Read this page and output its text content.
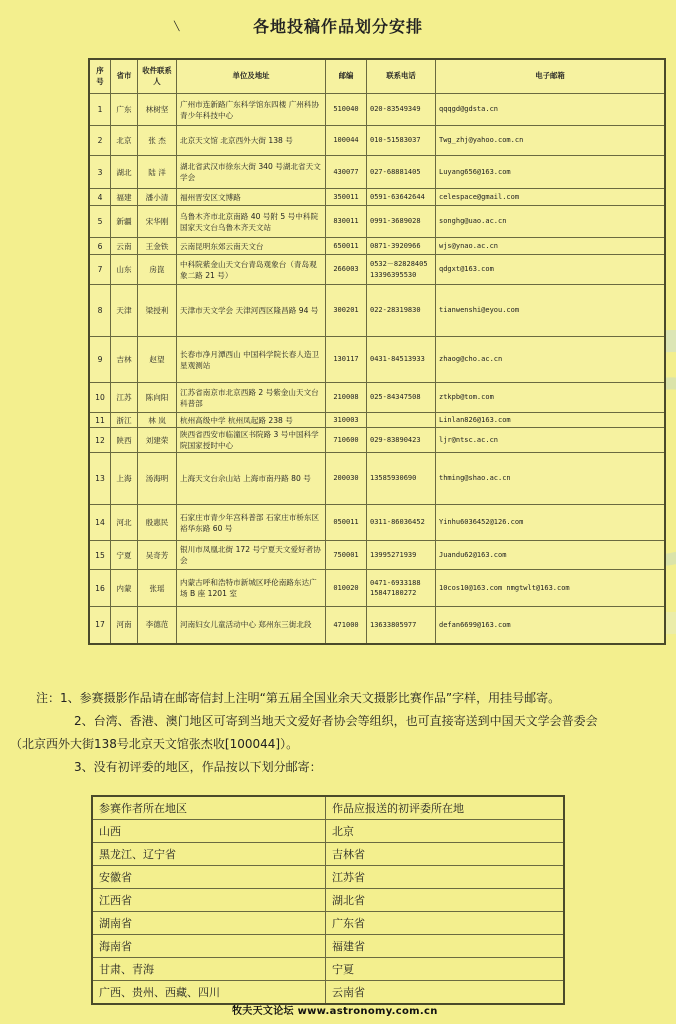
╲	各地投稿作品划分安排
序号	省市	收件联系人	单位及地址	邮编	联系电话	电子邮箱
1	广东	林树坚	广州市连新路广东科学馆东四楼 广州科协青少年科技中心	510040	020-83549349	qqqgd@gdsta.cn
2	北京	张 杰	北京天文馆 北京西外大街 138 号	100044	010-51583037	Twg_zhj@yahoo.com.cn
3	湖北	陆 洋	湖北省武汉市徐东大街 340 号湖北省天文学会	430077	027-68881405	Luyang656@163.com
4	福建	潘小清	福州晋安区文博路	350011	0591-63642644	celespace@gmail.com
5	新疆	宋华刚	乌鲁木齐市北京南路 40 号附 5 号中科院国家天文台乌鲁木齐天文站	830011	0991-3689028	songhg@uao.ac.cn
6	云南	王金铁	云南昆明东郊云南天文台	650011	0871-3920966	wjs@ynao.ac.cn
7	山东	房崑	中科院紫金山天文台青岛观象台（青岛观象二路 21 号）	266003	0532－82828405 13396395530	qdgxt@163.com
8	天津	梁授利	天津市天文学会 天津河西区隆昌路 94 号	300201	022-28319830	tianwenshi@eyou.com
9	吉林	赵望	长春市净月潭西山 中国科学院长春人造卫星观测站	130117	0431-84513933	zhaog@cho.ac.cn
10	江苏	陈向阳	江苏省南京市北京西路 2 号紫金山天文台科普部	210008	025-84347508	ztkpb@tom.com
11	浙江	林 岚	杭州高级中学 杭州凤起路 238 号	310003		Linlan826@163.com
12	陕西	刘建荣	陕西省西安市临潼区书院路 3 号中国科学院国家授时中心	710600	029-83890423	ljr@ntsc.ac.cn
13	上海	汤海明	上海天文台佘山站 上海市南丹路 80 号	200030	13585930690	thming@shao.ac.cn
14	河北	殷惠民	石家庄市青少年宫科普部 石家庄市桥东区裕华东路 60 号	050011	0311-86036452	Yinhu6036452@126.com
15	宁夏	吴奇芳	银川市凤凰北街 172 号宁夏天文爱好者协会	750001	13995271939	Juandu62@163.com
16	内蒙	张瑶	内蒙古呼和浩特市新城区呼伦南路东达广场 B 座 1201 室	010020	0471-6933188 15847180272	10cos10@163.com nmgtwlt@163.com
17	河南	李德范	河南妇女儿童活动中心 郑州东三街北段	471000	13633805977	defan6699@163.com

注：1、参赛摄影作品请在邮寄信封上注明“第五届全国业余天文摄影比赛作品”字样，用挂号邮寄。

2、台湾、香港、澳门地区可寄到当地天文爱好者协会等组织，也可直接寄送到中国天文学会普委会

（北京西外大街138号北京天文馆张杰收[100044]）。

3、没有初评委的地区，作品按以下划分邮寄：

参赛作者所在地区	作品应报送的初评委所在地
山西	北京
黑龙江、辽宁省	吉林省
安徽省	江苏省
江西省	湖北省
湖南省	广东省
海南省	福建省
甘肃、青海	宁夏
广西、贵州、西藏、四川	云南省
牧夫天文论坛 www.astronomy.com.cn
